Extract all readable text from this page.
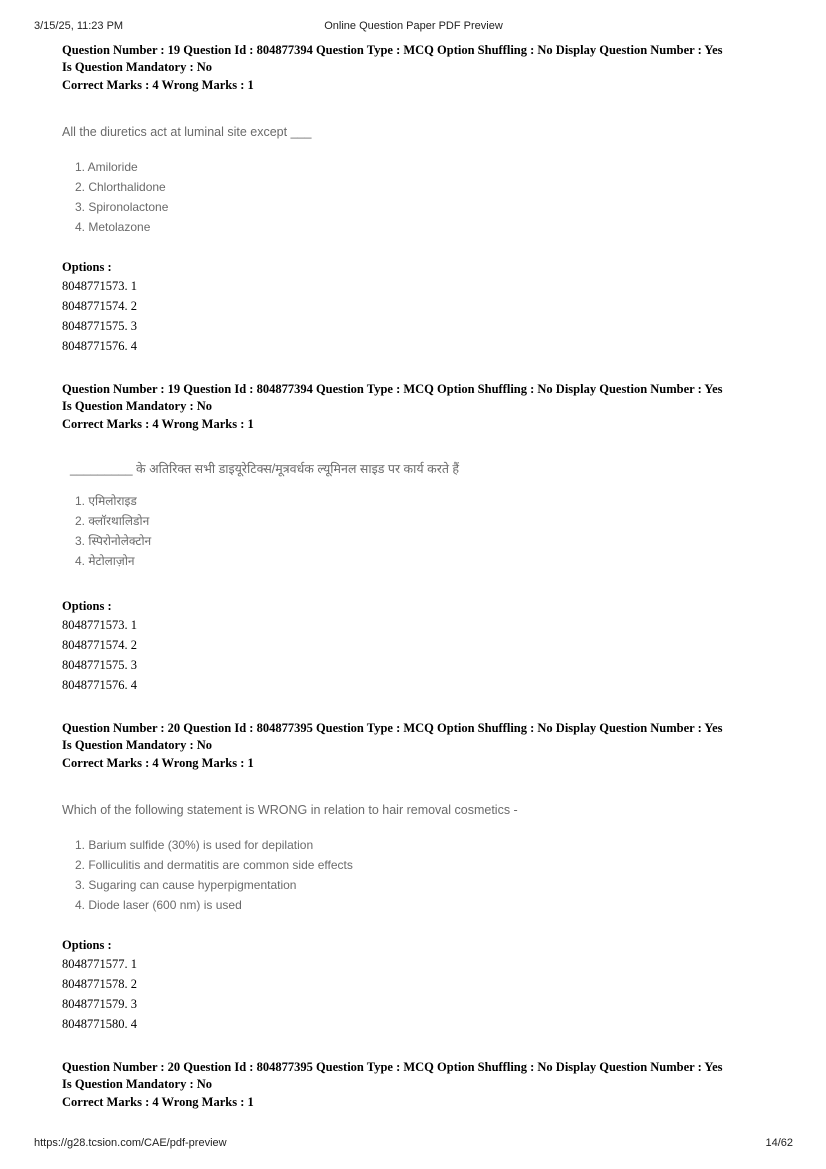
3/15/25, 11:23 PM	Online Question Paper PDF Preview
Question Number : 19 Question Id : 804877394 Question Type : MCQ Option Shuffling : No Display Question Number : Yes
Is Question Mandatory : No
Correct Marks : 4 Wrong Marks : 1
All the diuretics act at luminal site except ___
1. Amiloride
2. Chlorthalidone
3. Spironolactone
4. Metolazone
Options :
8048771573. 1
8048771574. 2
8048771575. 3
8048771576. 4
Question Number : 19 Question Id : 804877394 Question Type : MCQ Option Shuffling : No Display Question Number : Yes
Is Question Mandatory : No
Correct Marks : 4 Wrong Marks : 1
_________ के अतिरिक्त सभी डाइयूरेटिक्स/मूत्रवर्धक ल्यूमिनल साइड पर कार्य करते हैं
1. एमिलोराइड
2. क्लॉरथालिडोन
3. स्पिरोनोलेक्टोन
4. मेटोलाज़ोन
Options :
8048771573. 1
8048771574. 2
8048771575. 3
8048771576. 4
Question Number : 20 Question Id : 804877395 Question Type : MCQ Option Shuffling : No Display Question Number : Yes
Is Question Mandatory : No
Correct Marks : 4 Wrong Marks : 1
Which of the following statement is WRONG in relation to hair removal cosmetics -
1. Barium sulfide (30%) is used for depilation
2. Folliculitis and dermatitis are common side effects
3. Sugaring can cause hyperpigmentation
4. Diode laser (600 nm) is used
Options :
8048771577. 1
8048771578. 2
8048771579. 3
8048771580. 4
Question Number : 20 Question Id : 804877395 Question Type : MCQ Option Shuffling : No Display Question Number : Yes
Is Question Mandatory : No
Correct Marks : 4 Wrong Marks : 1
https://g28.tcsion.com/CAE/pdf-preview	14/62
